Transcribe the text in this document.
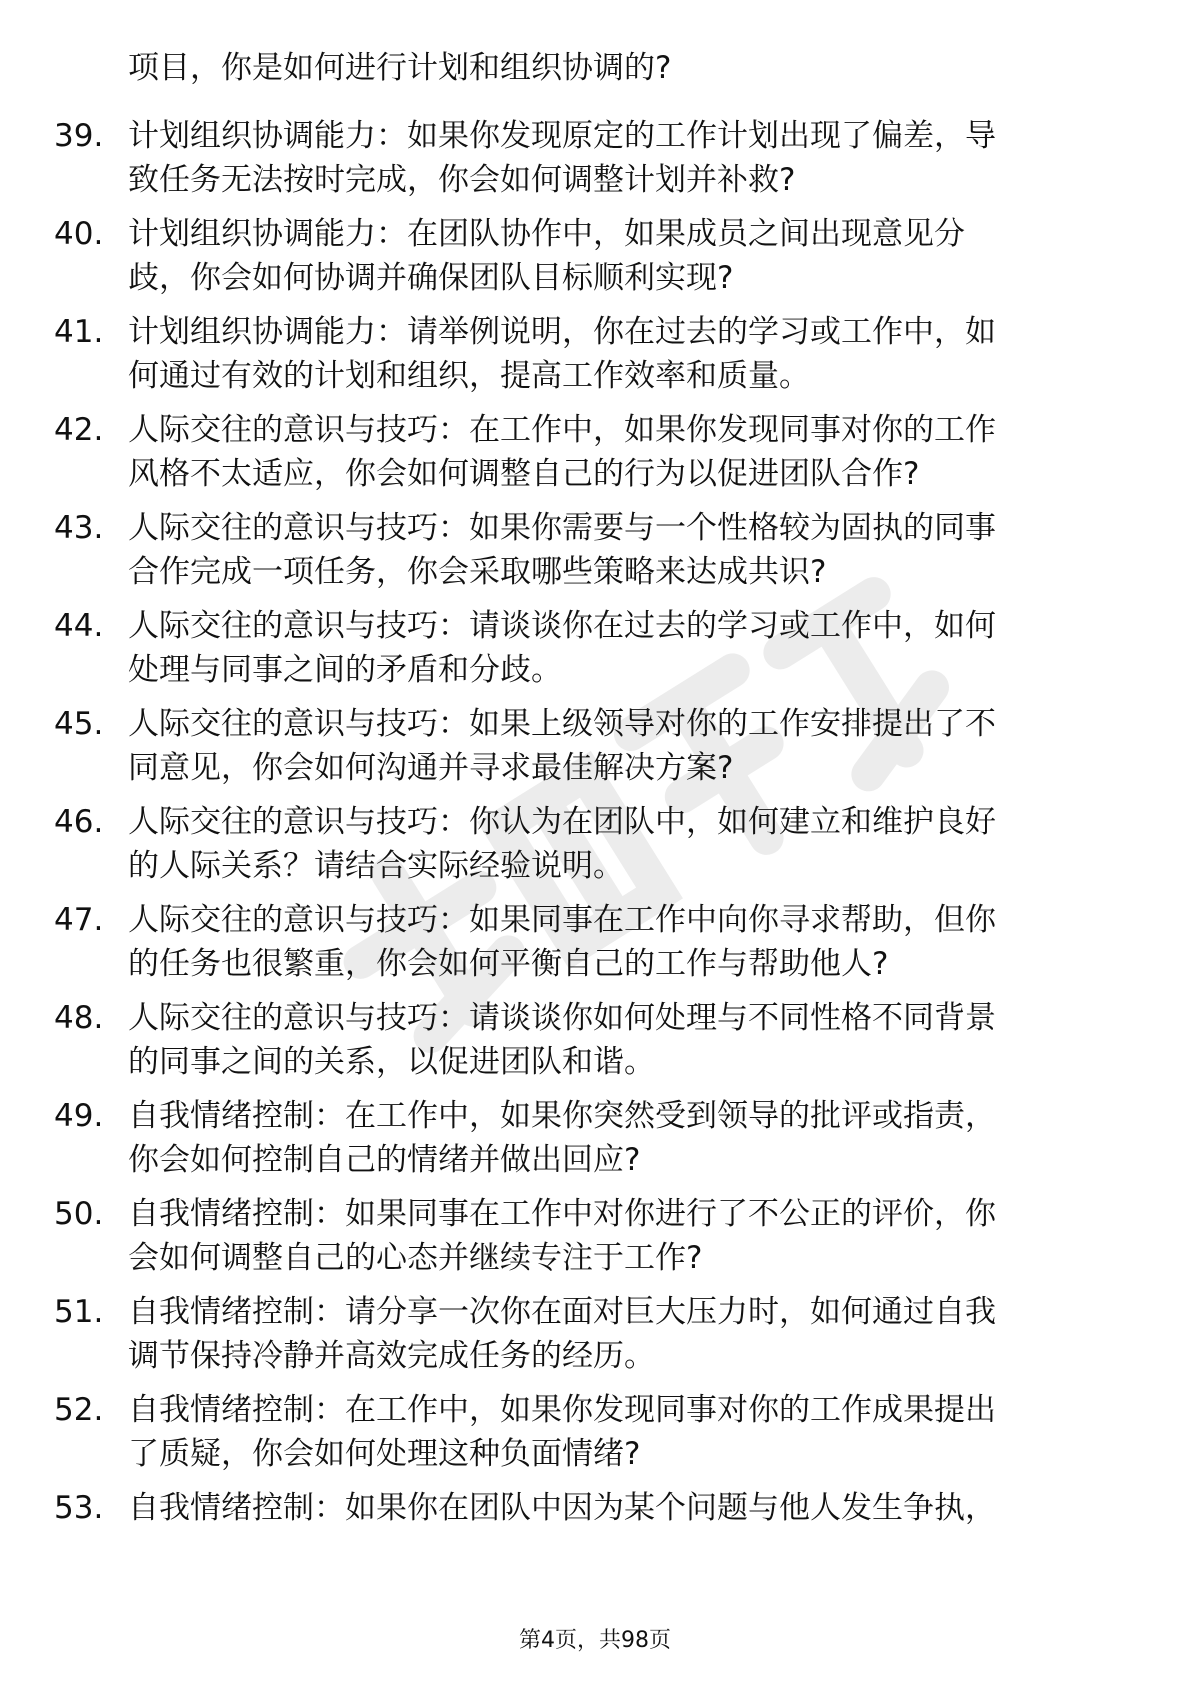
项目，你是如何进行计划和组织协调的?
39. 计划组织协调能力：如果你发现原定的工作计划出现了偏差，导
致任务无法按时完成，你会如何调整计划并补救?
40. 计划组织协调能力：在团队协作中，如果成员之间出现意见分
歧，你会如何协调并确保团队目标顺利实现?
41. 计划组织协调能力：请举例说明，你在过去的学习或工作中，如
何通过有效的计划和组织，提高工作效率和质量。
42. 人际交往的意识与技巧：在工作中，如果你发现同事对你的工作
风格不太适应，你会如何调整自己的行为以促进团队合作?
43. 人际交往的意识与技巧：如果你需要与一个性格较为固执的同事
合作完成一项任务，你会采取哪些策略来达成共识?
44. 人际交往的意识与技巧：请谈谈你在过去的学习或工作中，如何
处理与同事之间的矛盾和分歧。
45. 人际交往的意识与技巧：如果上级领导对你的工作安排提出了不
同意见，你会如何沟通并寻求最佳解决方案?
46. 人际交往的意识与技巧：你认为在团队中，如何建立和维护良好
的人际关系？请结合实际经验说明。
47. 人际交往的意识与技巧：如果同事在工作中向你寻求帮助，但你
的任务也很繁重，你会如何平衡自己的工作与帮助他人?
48. 人际交往的意识与技巧：请谈谈你如何处理与不同性格不同背景
的同事之间的关系，以促进团队和谐。
49. 自我情绪控制：在工作中，如果你突然受到领导的批评或指责，
你会如何控制自己的情绪并做出回应?
50. 自我情绪控制：如果同事在工作中对你进行了不公正的评价，你
会如何调整自己的心态并继续专注于工作?
51. 自我情绪控制：请分享一次你在面对巨大压力时，如何通过自我
调节保持冷静并高效完成任务的经历。
52. 自我情绪控制：在工作中，如果你发现同事对你的工作成果提出
了质疑，你会如何处理这种负面情绪?
53. 自我情绪控制：如果你在团队中因为某个问题与他人发生争执，
第4页，共98页
